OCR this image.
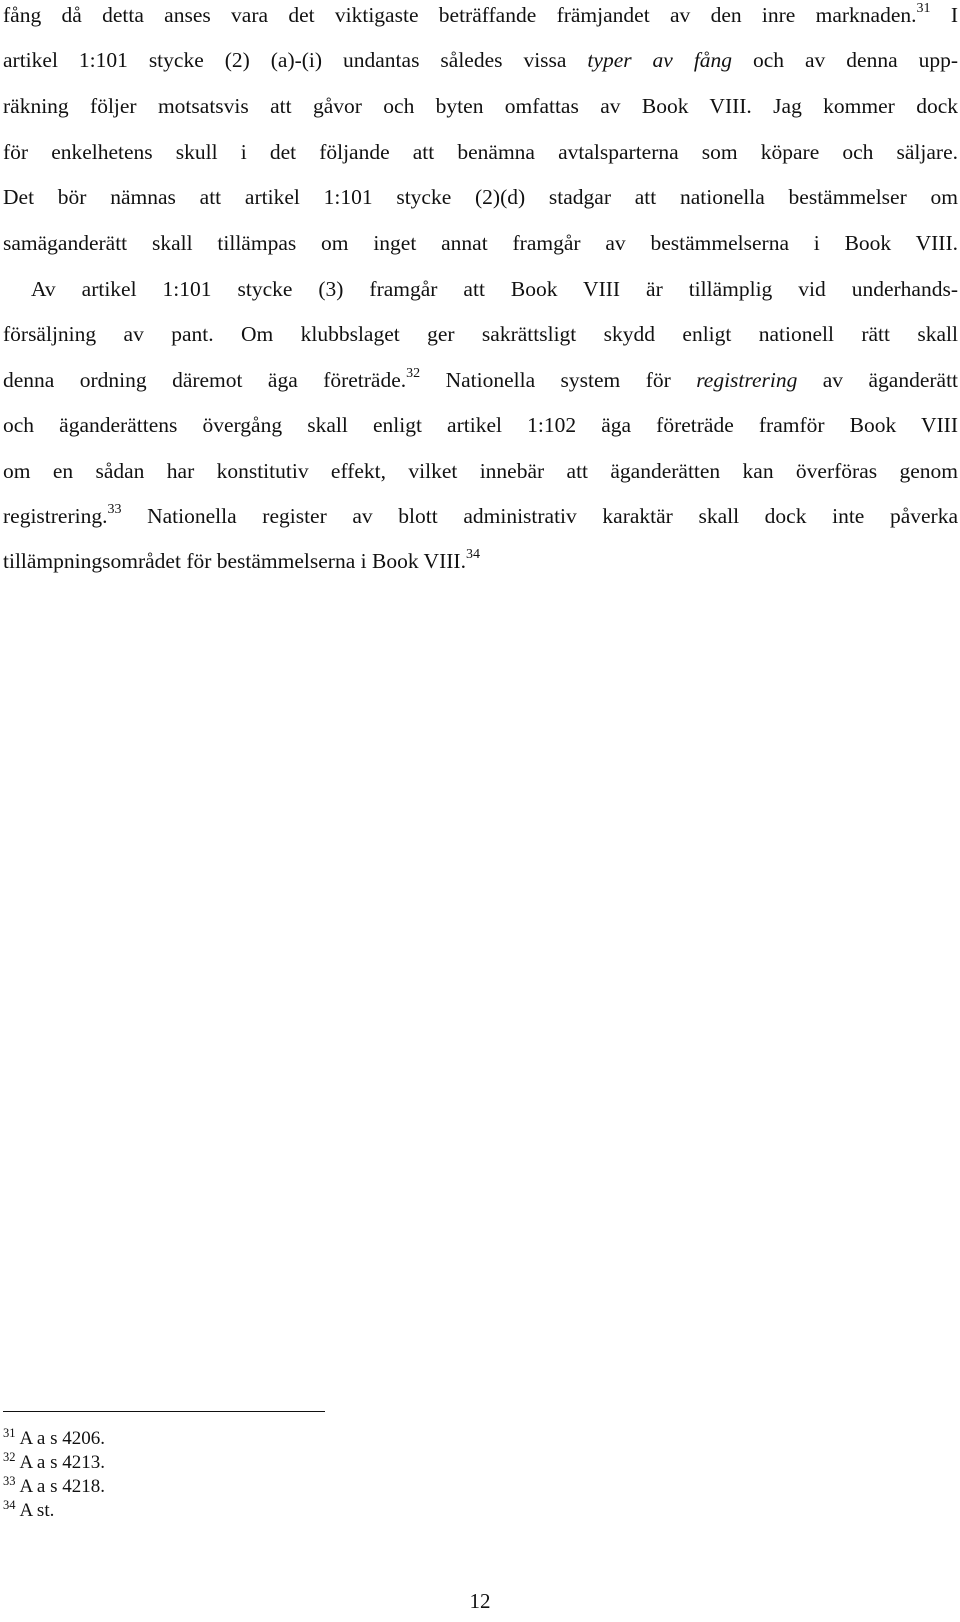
fång då detta anses vara det viktigaste beträffande främjandet av den inre marknaden.$^{31}$ I
artikel 1:101 stycke (2) (a)-(i) undantas således vissa typer av fång och av denna upp-
räkning följer motsatsvis att gåvor och byten omfattas av Book VIII. Jag kommer dock
för enkelhetens skull i det följande att benämna avtalsparterna som köpare och säljare.
Det bör nämnas att artikel 1:101 stycke (2)(d) stadgar att nationella bestämmelser om
samäganderätt skall tillämpas om inget annat framgår av bestämmelserna i Book VIII.
Av artikel 1:101 stycke (3) framgår att Book VIII är tillämplig vid underhands-
försäljning av pant. Om klubbslaget ger sakrättsligt skydd enligt nationell rätt skall
denna ordning däremot äga företräde.$^{32}$ Nationella system för registrering av äganderätt
och äganderättens övergång skall enligt artikel 1:102 äga företräde framför Book VIII
om en sådan har konstitutiv effekt, vilket innebär att äganderätten kan överföras genom
registrering.$^{33}$ Nationella register av blott administrativ karaktär skall dock inte påverka
tillämpningsområdet för bestämmelserna i Book VIII.$^{34}$
$^{31}$ A a s 4206.
$^{32}$ A a s 4213.
$^{33}$ A a s 4218.
$^{34}$ A st.
12
